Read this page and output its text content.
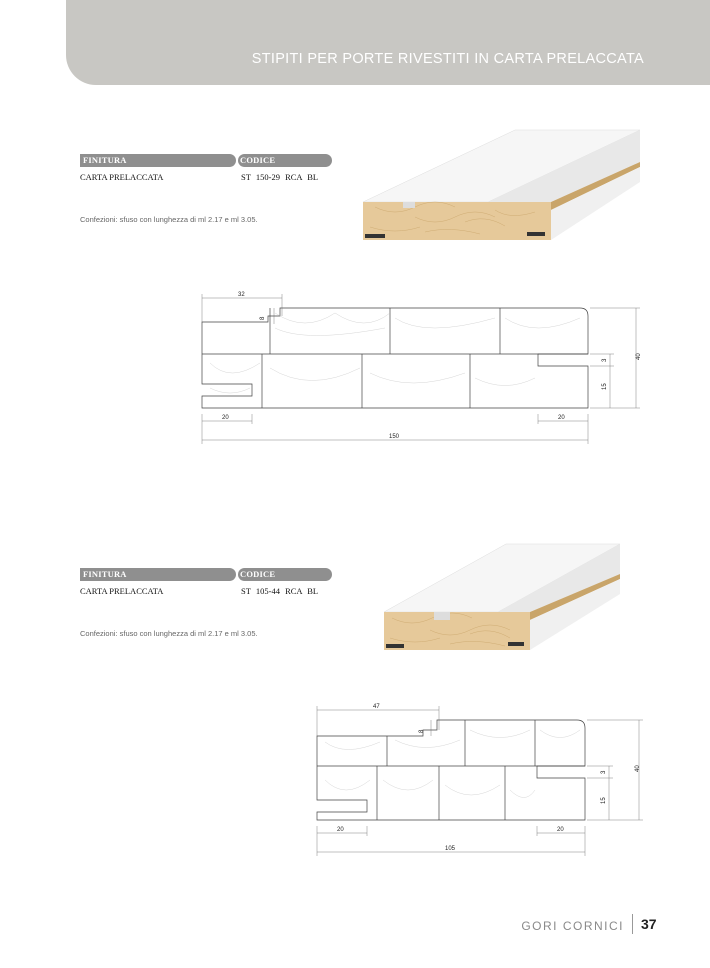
STIPITI PER PORTE RIVESTITI IN CARTA PRELACCATA
FINITURA	CODICE
CARTA PRELACCATA	ST 150-29 RCA BL
Confezioni: sfuso con lunghezza di ml 2.17 e ml 3.05.
32
8
40
3
15
20	20
150
FINITURA	CODICE
CARTA PRELACCATA	ST 105-44 RCA BL
Confezioni: sfuso con lunghezza di ml 2.17 e ml 3.05.
47
8
40
3
15
20	20
105
GORI CORNICI 37
